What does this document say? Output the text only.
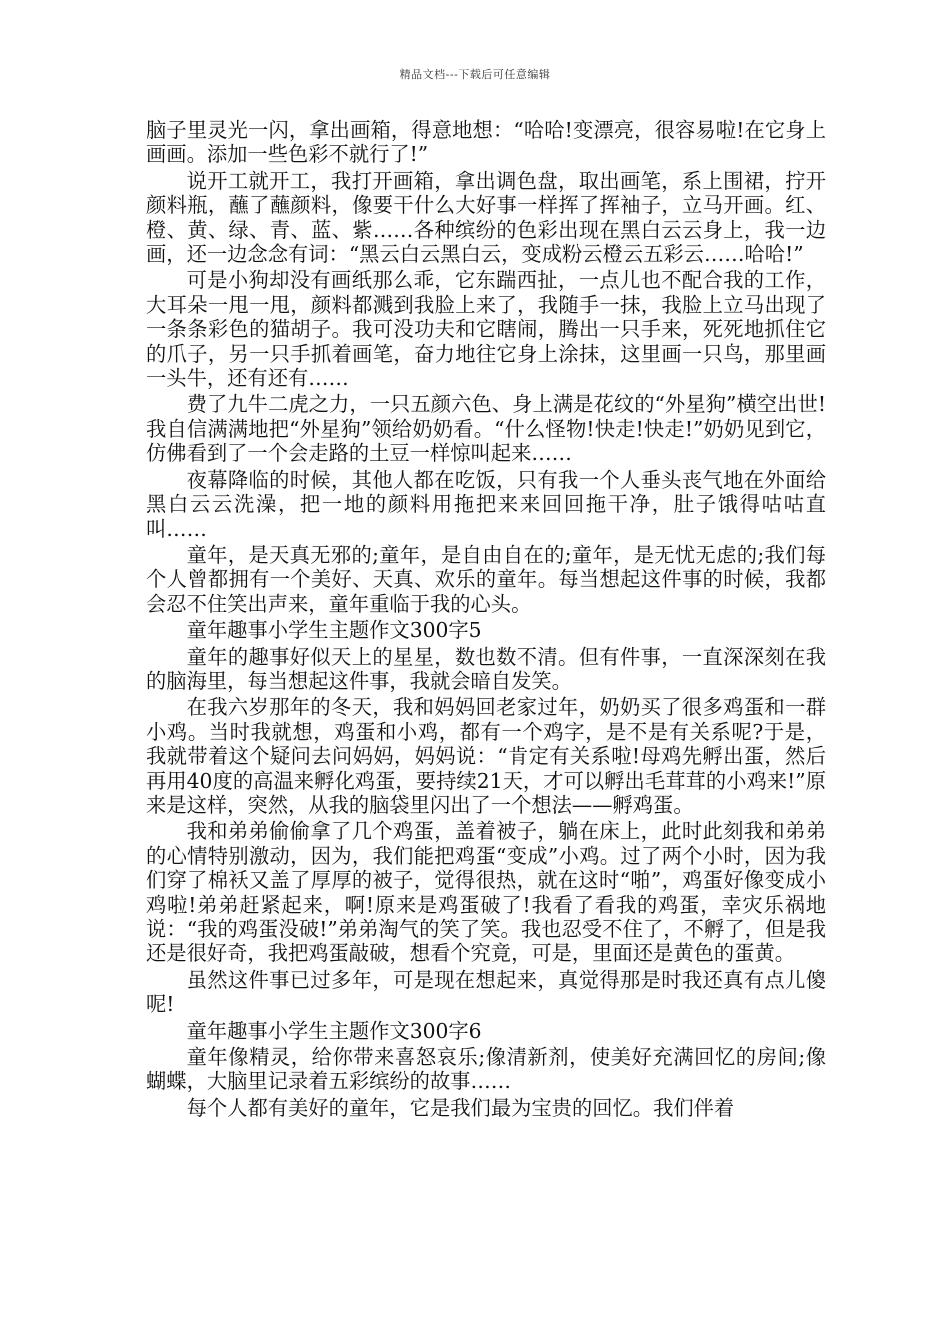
精品文档---下载后可任意编辑

脑子里灵光一闪，拿出画箱，得意地想：“哈哈!变漂亮，很容易啦!在它身上画画。添加一些色彩不就行了!”

说开工就开工，我打开画箱，拿出调色盘，取出画笔，系上围裙，拧开颜料瓶，蘸了蘸颜料，像要干什么大好事一样挥了挥袖子，立马开画。红、橙、黄、绿、青、蓝、紫……各种缤纷的色彩出现在黑白云云身上，我一边画，还一边念念有词：“黑云白云黑白云，变成粉云橙云五彩云……哈哈!”

可是小狗却没有画纸那么乖，它东踹西扯，一点儿也不配合我的工作，大耳朵一甩一甩，颜料都溅到我脸上来了，我随手一抹，我脸上立马出现了一条条彩色的猫胡子。我可没功夫和它瞎闹，腾出一只手来，死死地抓住它的爪子，另一只手抓着画笔，奋力地往它身上涂抹，这里画一只鸟，那里画一头牛，还有还有……

费了九牛二虎之力，一只五颜六色、身上满是花纹的“外星狗”横空出世!我自信满满地把“外星狗”领给奶奶看。“什么怪物!快走!快走!”奶奶见到它，仿佛看到了一个会走路的土豆一样惊叫起来……

夜幕降临的时候，其他人都在吃饭，只有我一个人垂头丧气地在外面给黑白云云洗澡，把一地的颜料用拖把来来回回拖干净，肚子饿得咕咕直叫……

童年，是天真无邪的;童年，是自由自在的;童年，是无忧无虑的;我们每个人曾都拥有一个美好、天真、欢乐的童年。每当想起这件事的时候，我都会忍不住笑出声来，童年重临于我的心头。

童年趣事小学生主题作文300字5

童年的趣事好似天上的星星，数也数不清。但有件事，一直深深刻在我的脑海里，每当想起这件事，我就会暗自发笑。

在我六岁那年的冬天，我和妈妈回老家过年，奶奶买了很多鸡蛋和一群小鸡。当时我就想，鸡蛋和小鸡，都有一个鸡字，是不是有关系呢?于是，我就带着这个疑问去问妈妈，妈妈说：“肯定有关系啦!母鸡先孵出蛋，然后再用40度的高温来孵化鸡蛋，要持续21天，才可以孵出毛茸茸的小鸡来!”原来是这样，突然，从我的脑袋里闪出了一个想法——孵鸡蛋。

我和弟弟偷偷拿了几个鸡蛋，盖着被子，躺在床上，此时此刻我和弟弟的心情特别激动，因为，我们能把鸡蛋“变成”小鸡。过了两个小时，因为我们穿了棉袄又盖了厚厚的被子，觉得很热，就在这时“啪”，鸡蛋好像变成小鸡啦!弟弟赶紧起来，啊!原来是鸡蛋破了!我看了看我的鸡蛋，幸灾乐祸地说：“我的鸡蛋没破!”弟弟淘气的笑了笑。我也忍受不住了，不孵了，但是我还是很好奇，我把鸡蛋敲破，想看个究竟，可是，里面还是黄色的蛋黄。

虽然这件事已过多年，可是现在想起来，真觉得那是时我还真有点儿傻呢!

童年趣事小学生主题作文300字6

童年像精灵，给你带来喜怒哀乐;像清新剂，使美好充满回忆的房间;像蝴蝶，大脑里记录着五彩缤纷的故事……

每个人都有美好的童年，它是我们最为宝贵的回忆。我们伴着
